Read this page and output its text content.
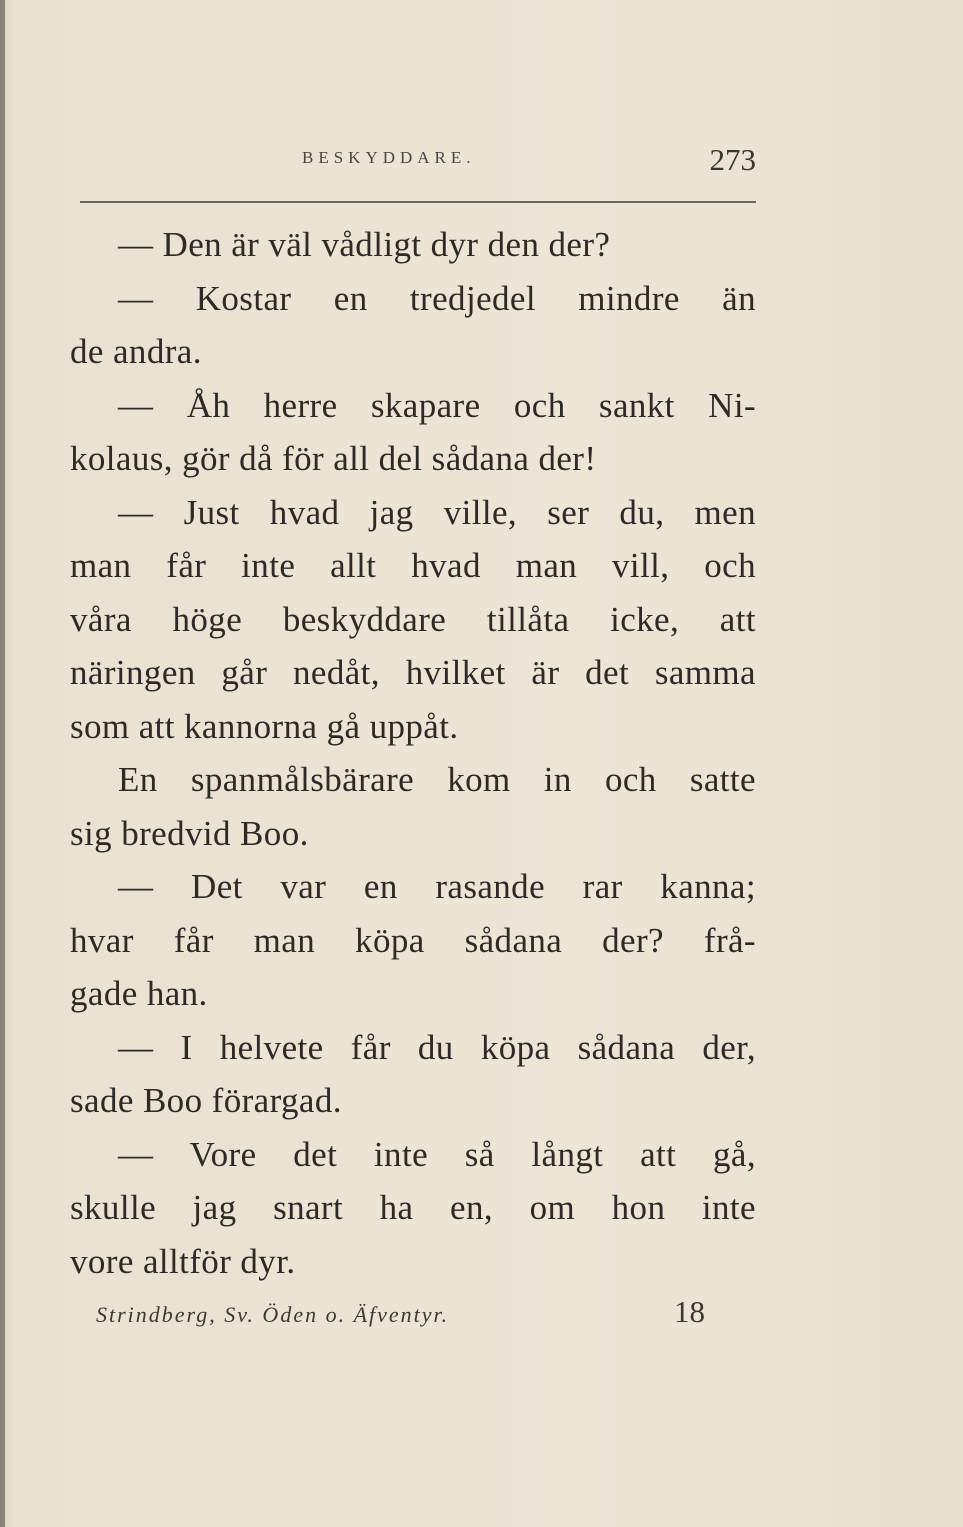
BESKYDDARE.	273
— Den är väl vådligt dyr den der?
— Kostar en tredjedel mindre än
de andra.
— Åh herre skapare och sankt Ni-
kolaus, gör då för all del sådana der!
— Just hvad jag ville, ser du, men
man får inte allt hvad man vill, och
våra höge beskyddare tillåta icke, att
näringen går nedåt, hvilket är det samma
som att kannorna gå uppåt.
En spanmålsbärare kom in och satte
sig bredvid Boo.
— Det var en rasande rar kanna;
hvar får man köpa sådana der? frå-
gade han.
— I helvete får du köpa sådana der,
sade Boo förargad.
— Vore det inte så långt att gå,
skulle jag snart ha en, om hon inte
vore alltför dyr.
Strindberg, Sv. Öden o. Äfventyr.	18
